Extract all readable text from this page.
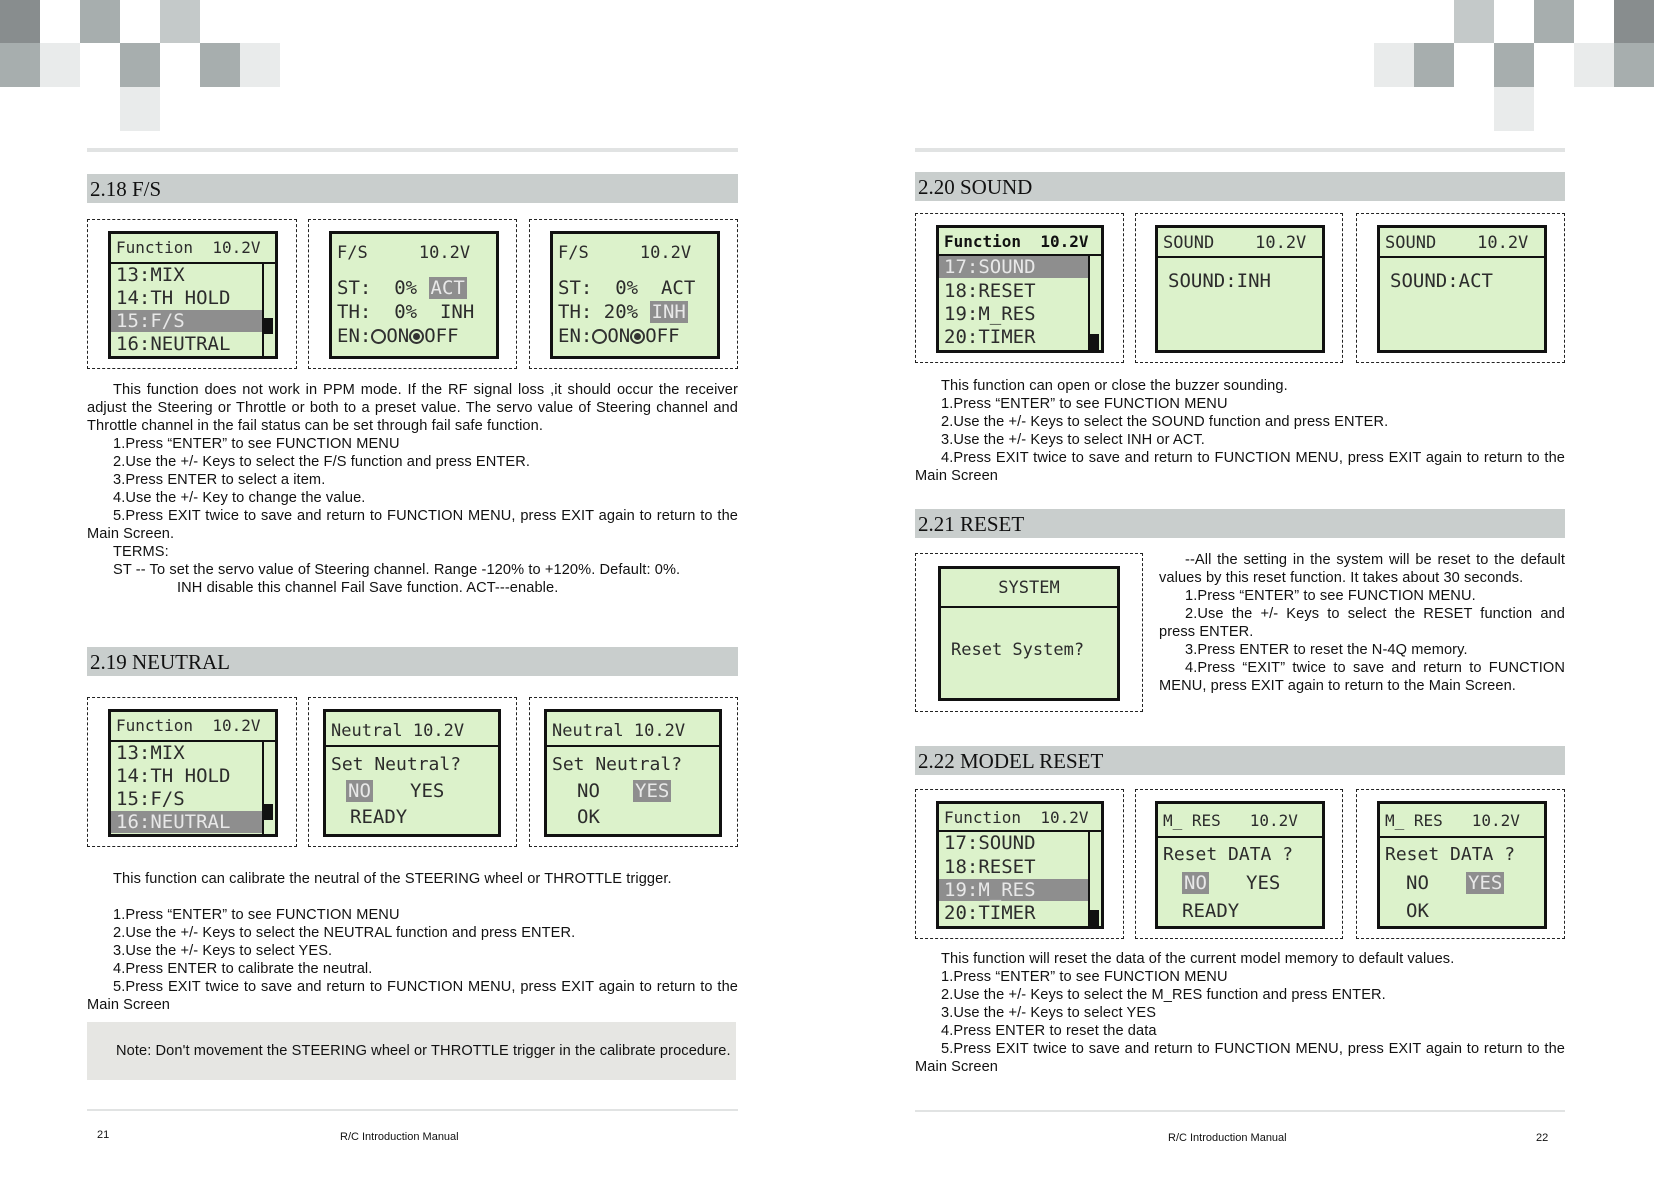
2.18 F/S
Function  10.2V
13:MIX
14:TH HOLD
15:F/S
16:NEUTRAL
F/S     10.2V
ST:  0% ACT
TH:  0%  INH
EN: ON OFF
F/S     10.2V
ST:  0%  ACT
TH: 20% INH
EN: ON OFF

This function does not work in PPM mode. If the RF signal loss ,it should occur the receiver adjust the Steering or Throttle or both to a preset value. The servo value of Steering channel and Throttle channel in the fail status can be set through fail safe function.

1.Press “ENTER” to see FUNCTION MENU

2.Use the +/- Keys to select the F/S function and press ENTER.

3.Press ENTER to select a item.

4.Use the +/- Key to change the value.

5.Press EXIT twice to save and return to FUNCTION MENU, press EXIT again to return to the Main Screen.

TERMS:

ST -- To set the servo value of Steering channel. Range -120% to +120%. Default: 0%.

INH disable this channel Fail Save function. ACT---enable.

2.19 NEUTRAL
Function  10.2V
13:MIX
14:TH HOLD
15:F/S
16:NEUTRAL
Neutral 10.2V
Set Neutral?
NO YES
READY
Neutral 10.2V
Set Neutral?
NO YES
OK

This function can calibrate the neutral of the STEERING wheel or THROTTLE trigger.

1.Press “ENTER” to see FUNCTION MENU

2.Use the +/- Keys to select the NEUTRAL function and press ENTER.

3.Use the +/- Keys to select YES.

4.Press ENTER to calibrate the neutral.

5.Press EXIT twice to save and return to FUNCTION MENU, press EXIT again to return to the Main Screen

Note: Don't movement the STEERING wheel or THROTTLE trigger in the calibrate procedure.
21	R/C Introduction Manual
2.20 SOUND
Function  10.2V
17:SOUND
18:RESET
19:M_RES
20:TIMER
SOUND    10.2V
SOUND:INH
SOUND    10.2V
SOUND:ACT

This function can open or close the buzzer sounding.

1.Press “ENTER” to see FUNCTION MENU

2.Use the +/- Keys to select the SOUND function and press ENTER.

3.Use the +/- Keys to select INH or ACT.

4.Press EXIT twice to save and return to FUNCTION MENU, press EXIT again to return to the Main Screen

2.21 RESET
SYSTEM
Reset System?

--All the setting in the system will be reset to the default values by this reset function. It takes about 30 seconds.

1.Press “ENTER” to see FUNCTION MENU.

2.Use the +/- Keys to select the RESET function and press ENTER.

3.Press ENTER to reset the N-4Q memory.

4.Press “EXIT” twice to save and return to FUNCTION MENU, press EXIT again to return to the Main Screen.

2.22 MODEL RESET
Function  10.2V
17:SOUND
18:RESET
19:M_RES
20:TIMER
M_ RES   10.2V
Reset DATA ?
NO YES
READY
M_ RES   10.2V
Reset DATA ?
NO YES
OK

This function will reset the data of the current model memory to default values.

1.Press “ENTER” to see FUNCTION MENU

2.Use the +/- Keys to select the M_RES function and press ENTER.

3.Use the +/- Keys to select YES

4.Press ENTER to reset the data

5.Press EXIT twice to save and return to FUNCTION MENU, press EXIT again to return to the Main Screen

R/C Introduction Manual	22
